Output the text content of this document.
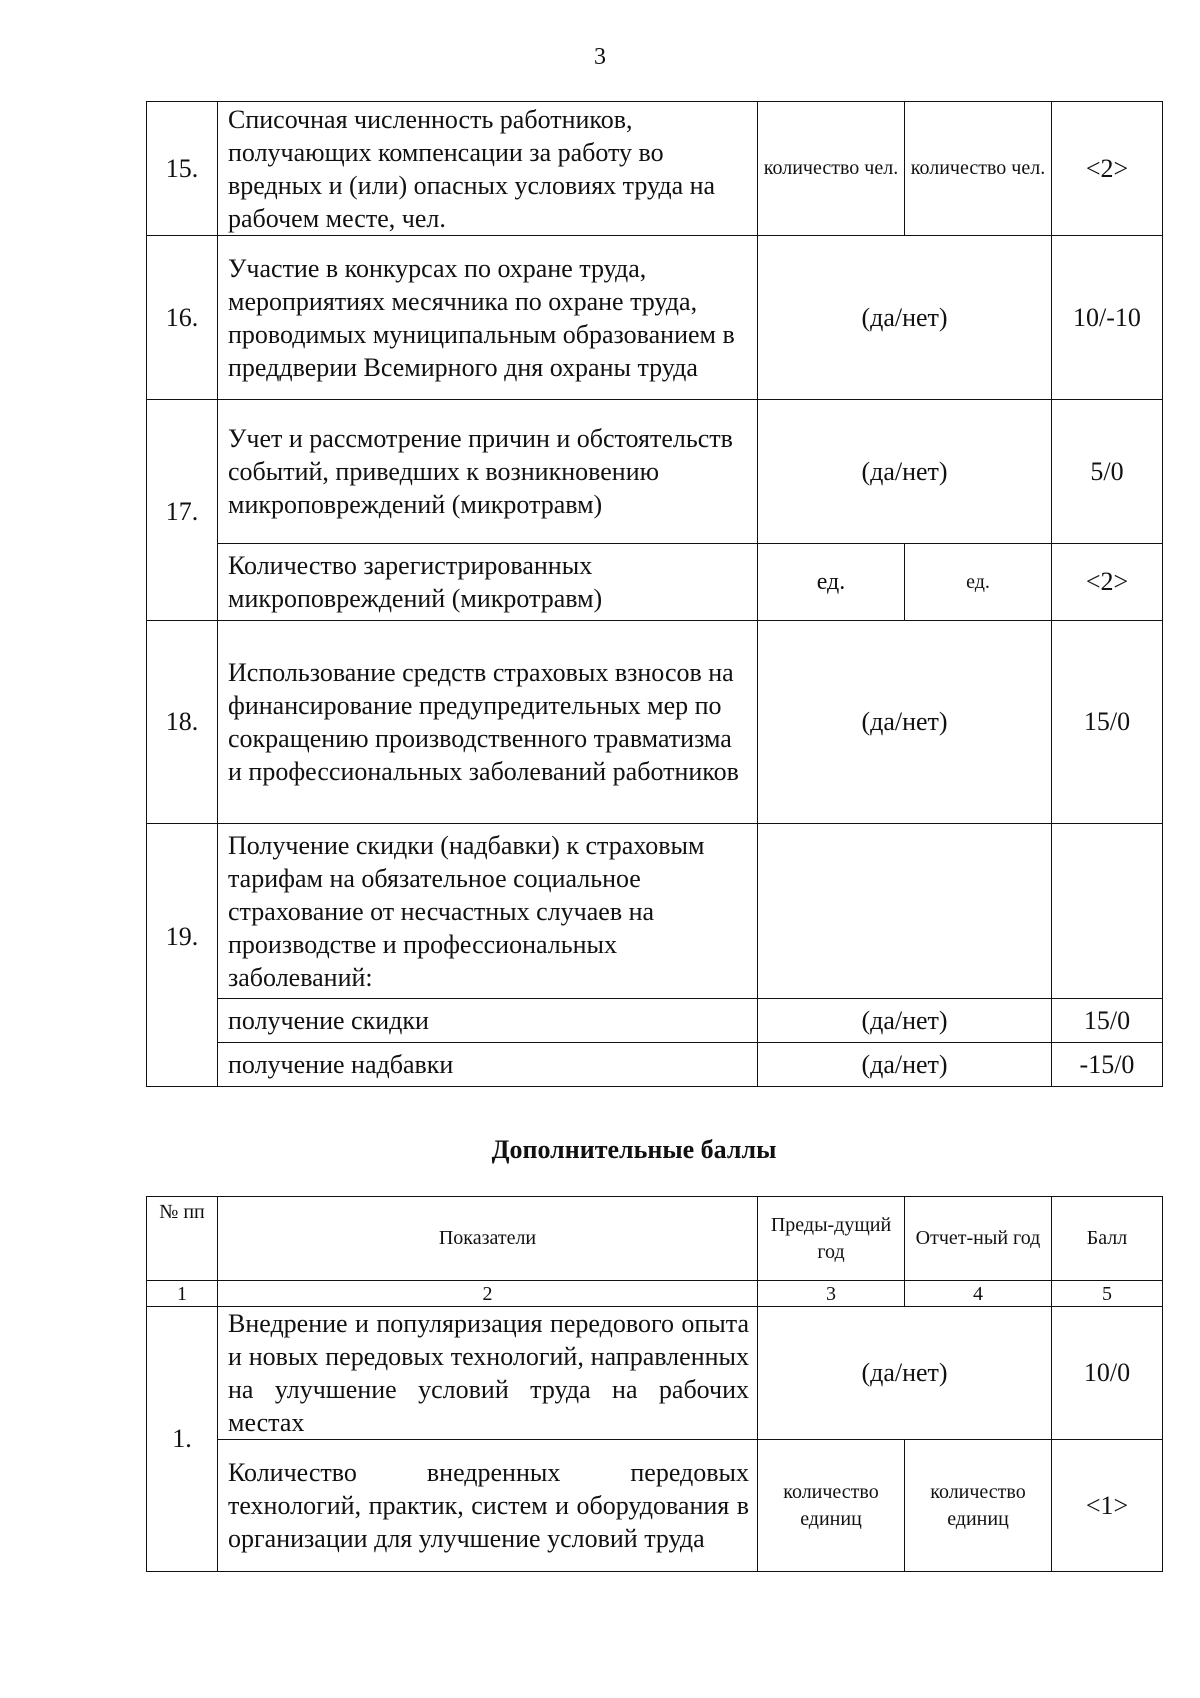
3
15.	Списочная численность работников, получающих компенсации за работу во вредных и (или) опасных условиях труда на рабочем месте, чел.	количество чел.	количество чел.	<2>
16.	Участие в конкурсах по охране труда, мероприятиях месячника по охране труда, проводимых муниципальным образованием в преддверии Всемирного дня охраны труда	(да/нет)		10/-10
17.	Учет и рассмотрение причин и обстоятельств событий, приведших к возникновению микроповреждений (микротравм)	(да/нет)		5/0
	Количество зарегистрированных микроповреждений (микротравм)	ед.	ед.	<2>
18.	Использование средств страховых взносов на финансирование предупредительных мер по сокращению производственного травматизма и профессиональных заболеваний работников	(да/нет)		15/0
19.	Получение скидки (надбавки) к страховым тарифам на обязательное социальное страхование от несчастных случаев на производстве и профессиональных заболеваний:			
	получение скидки	(да/нет)		15/0
	получение надбавки	(да/нет)		-15/0
Дополнительные баллы
№ пп	Показатели	Преды-дущий год	Отчет-ный год	Балл
1	2	3	4	5
1.	Внедрение и популяризация передового опыта и новых передовых технологий, направленных на улучшение условий труда на рабочих местах	(да/нет)		10/0
	Количество внедренных передовых технологий, практик, систем и оборудования в организации для улучшение условий труда	количество единиц	количество единиц	<1>
